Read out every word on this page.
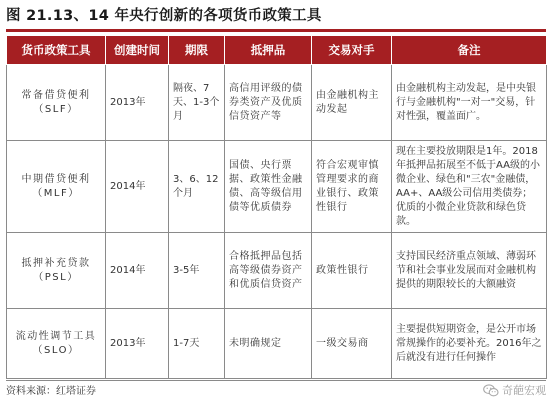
图 21.13、14 年央行创新的各项货币政策工具
货币政策工具	创建时间	期限	抵押品	交易对手	备注
常备借贷便利（SLF）	2013年	隔夜、7天、1-3个月	高信用评级的债券类资产及优质信贷资产等	由金融机构主动发起	由金融机构主动发起，是中央银行与金融机构"一对一"交易，针对性强，覆盖面广。
中期借贷便利（MLF）	2014年	3、6、12个月	国债、央行票据、政策性金融债、高等级信用债等优质债券	符合宏观审慎管理要求的商业银行、政策性银行	现在主要投放期限是1年。2018年抵押品拓展至不低于AA级的小微企业、绿色和"三农"金融债，AA+、AA级公司信用类债券；优质的小微企业贷款和绿色贷款。
抵押补充贷款（PSL）	2014年	3-5年	合格抵押品包括高等级债券资产和优质信贷资产	政策性银行	支持国民经济重点领域、薄弱环节和社会事业发展而对金融机构提供的期限较长的大额融资
流动性调节工具（SLO）	2013年	1-7天	未明确规定	一级交易商	主要提供短期资金，是公开市场常规操作的必要补充。2016年之后就没有进行任何操作
资料来源：红塔证券	奇葩宏观
